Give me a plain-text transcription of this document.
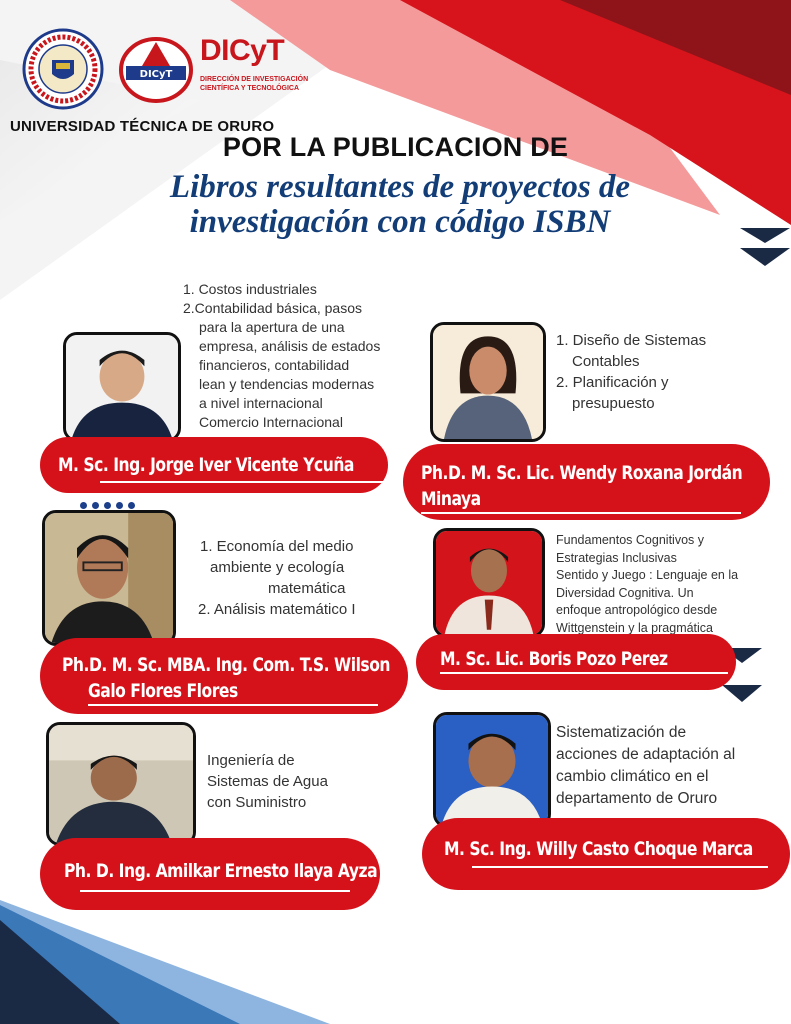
DICyT
DICyT
DIRECCIÓN DE INVESTIGACIÓN CIENTÍFICA Y TECNOLÓGICA
UNIVERSIDAD TÉCNICA DE ORURO
POR LA PUBLICACION DE
Libros resultantes de proyectos de investigación con código ISBN
1. Costos industriales
2.Contabilidad básica, pasos
para la apertura de una
empresa, análisis de estados
financieros, contabilidad
lean y tendencias modernas
a nivel internacional
Comercio Internacional
1. Diseño de Sistemas
Contables
2. Planificación y
presupuesto
1. Economía del medio
ambiente y ecología
matemática
2. Análisis matemático I
Fundamentos Cognitivos y
Estrategias Inclusivas
Sentido y Juego : Lenguaje en la
Diversidad Cognitiva. Un
enfoque antropológico desde
Wittgenstein y la pragmática
Ingeniería de
Sistemas de Agua
con Suministro
Sistematización de
acciones de adaptación al
cambio climático en el
departamento de Oruro
M. Sc. Ing. Jorge Iver Vicente Ycuña	Ph.D. M. Sc. Lic. Wendy Roxana Jordán
Minaya
Ph.D. M. Sc. MBA. Ing. Com. T.S. Wilson
Galo Flores Flores
M. Sc. Lic. Boris Pozo Perez
Ph. D. Ing. Amilkar Ernesto Ilaya Ayza
M. Sc. Ing. Willy Casto Choque Marca
